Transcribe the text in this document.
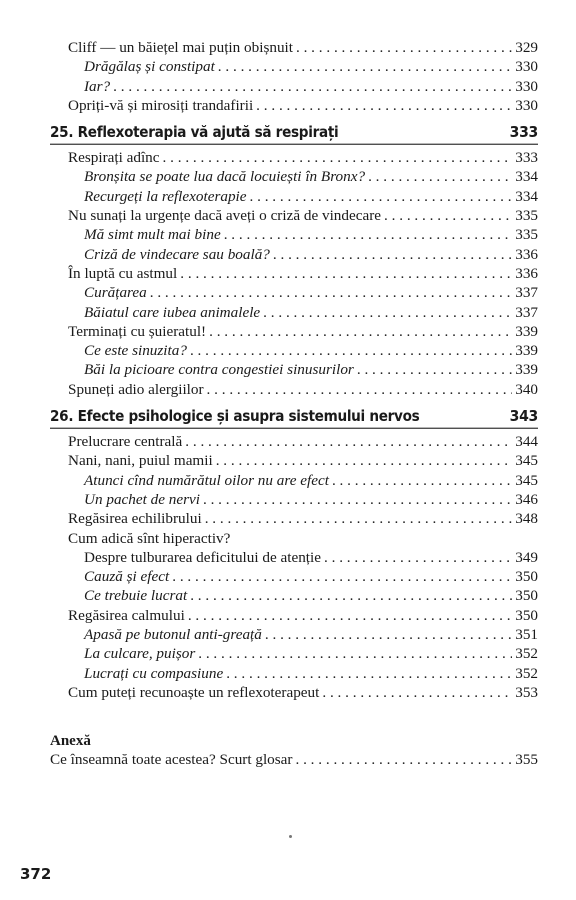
Cliff — un băiețel mai puțin obișnuit . . .	329
Drăgălaș și constipat . . .	330
Iar? . . .	330
Opriți-vă și mirosiți trandafirii . . .	330
25. Reflexoterapia vă ajută să respirați	333
Respirați adînc . . .	333
Bronșita se poate lua dacă locuiești în Bronx? . . .	334
Recurgeți la reflexoterapie . . .	334
Nu sunați la urgențe dacă aveți o criză de vindecare . . .	335
Mă simt mult mai bine . . .	335
Criză de vindecare sau boală? . . .	336
În luptă cu astmul . . .	336
Curățarea . . .	337
Băiatul care iubea animalele . . .	337
Terminați cu șuieratul! . . .	339
Ce este sinuzita? . . .	339
Băi la picioare contra congestiei sinusurilor . . .	339
Spuneți adio alergiilor . . .	340
26. Efecte psihologice și asupra sistemului nervos	343
Prelucrare centrală . . .	344
Nani, nani, puiul mamii . . .	345
Atunci cînd numărătul oilor nu are efect . . .	345
Un pachet de nervi . . .	346
Regăsirea echilibrului . . .	348
Cum adică sînt hiperactiv?
Despre tulburarea deficitului de atenție . . .	349
Cauză și efect . . .	350
Ce trebuie lucrat . . .	350
Regăsirea calmului . . .	350
Apasă pe butonul anti-greață . . .	351
La culcare, puișor . . .	352
Lucrați cu compasiune . . .	352
Cum puteți recunoaște un reflexoterapeut . . .	353
Anexă
Ce înseamnă toate acestea? Scurt glosar . . .	355
372
